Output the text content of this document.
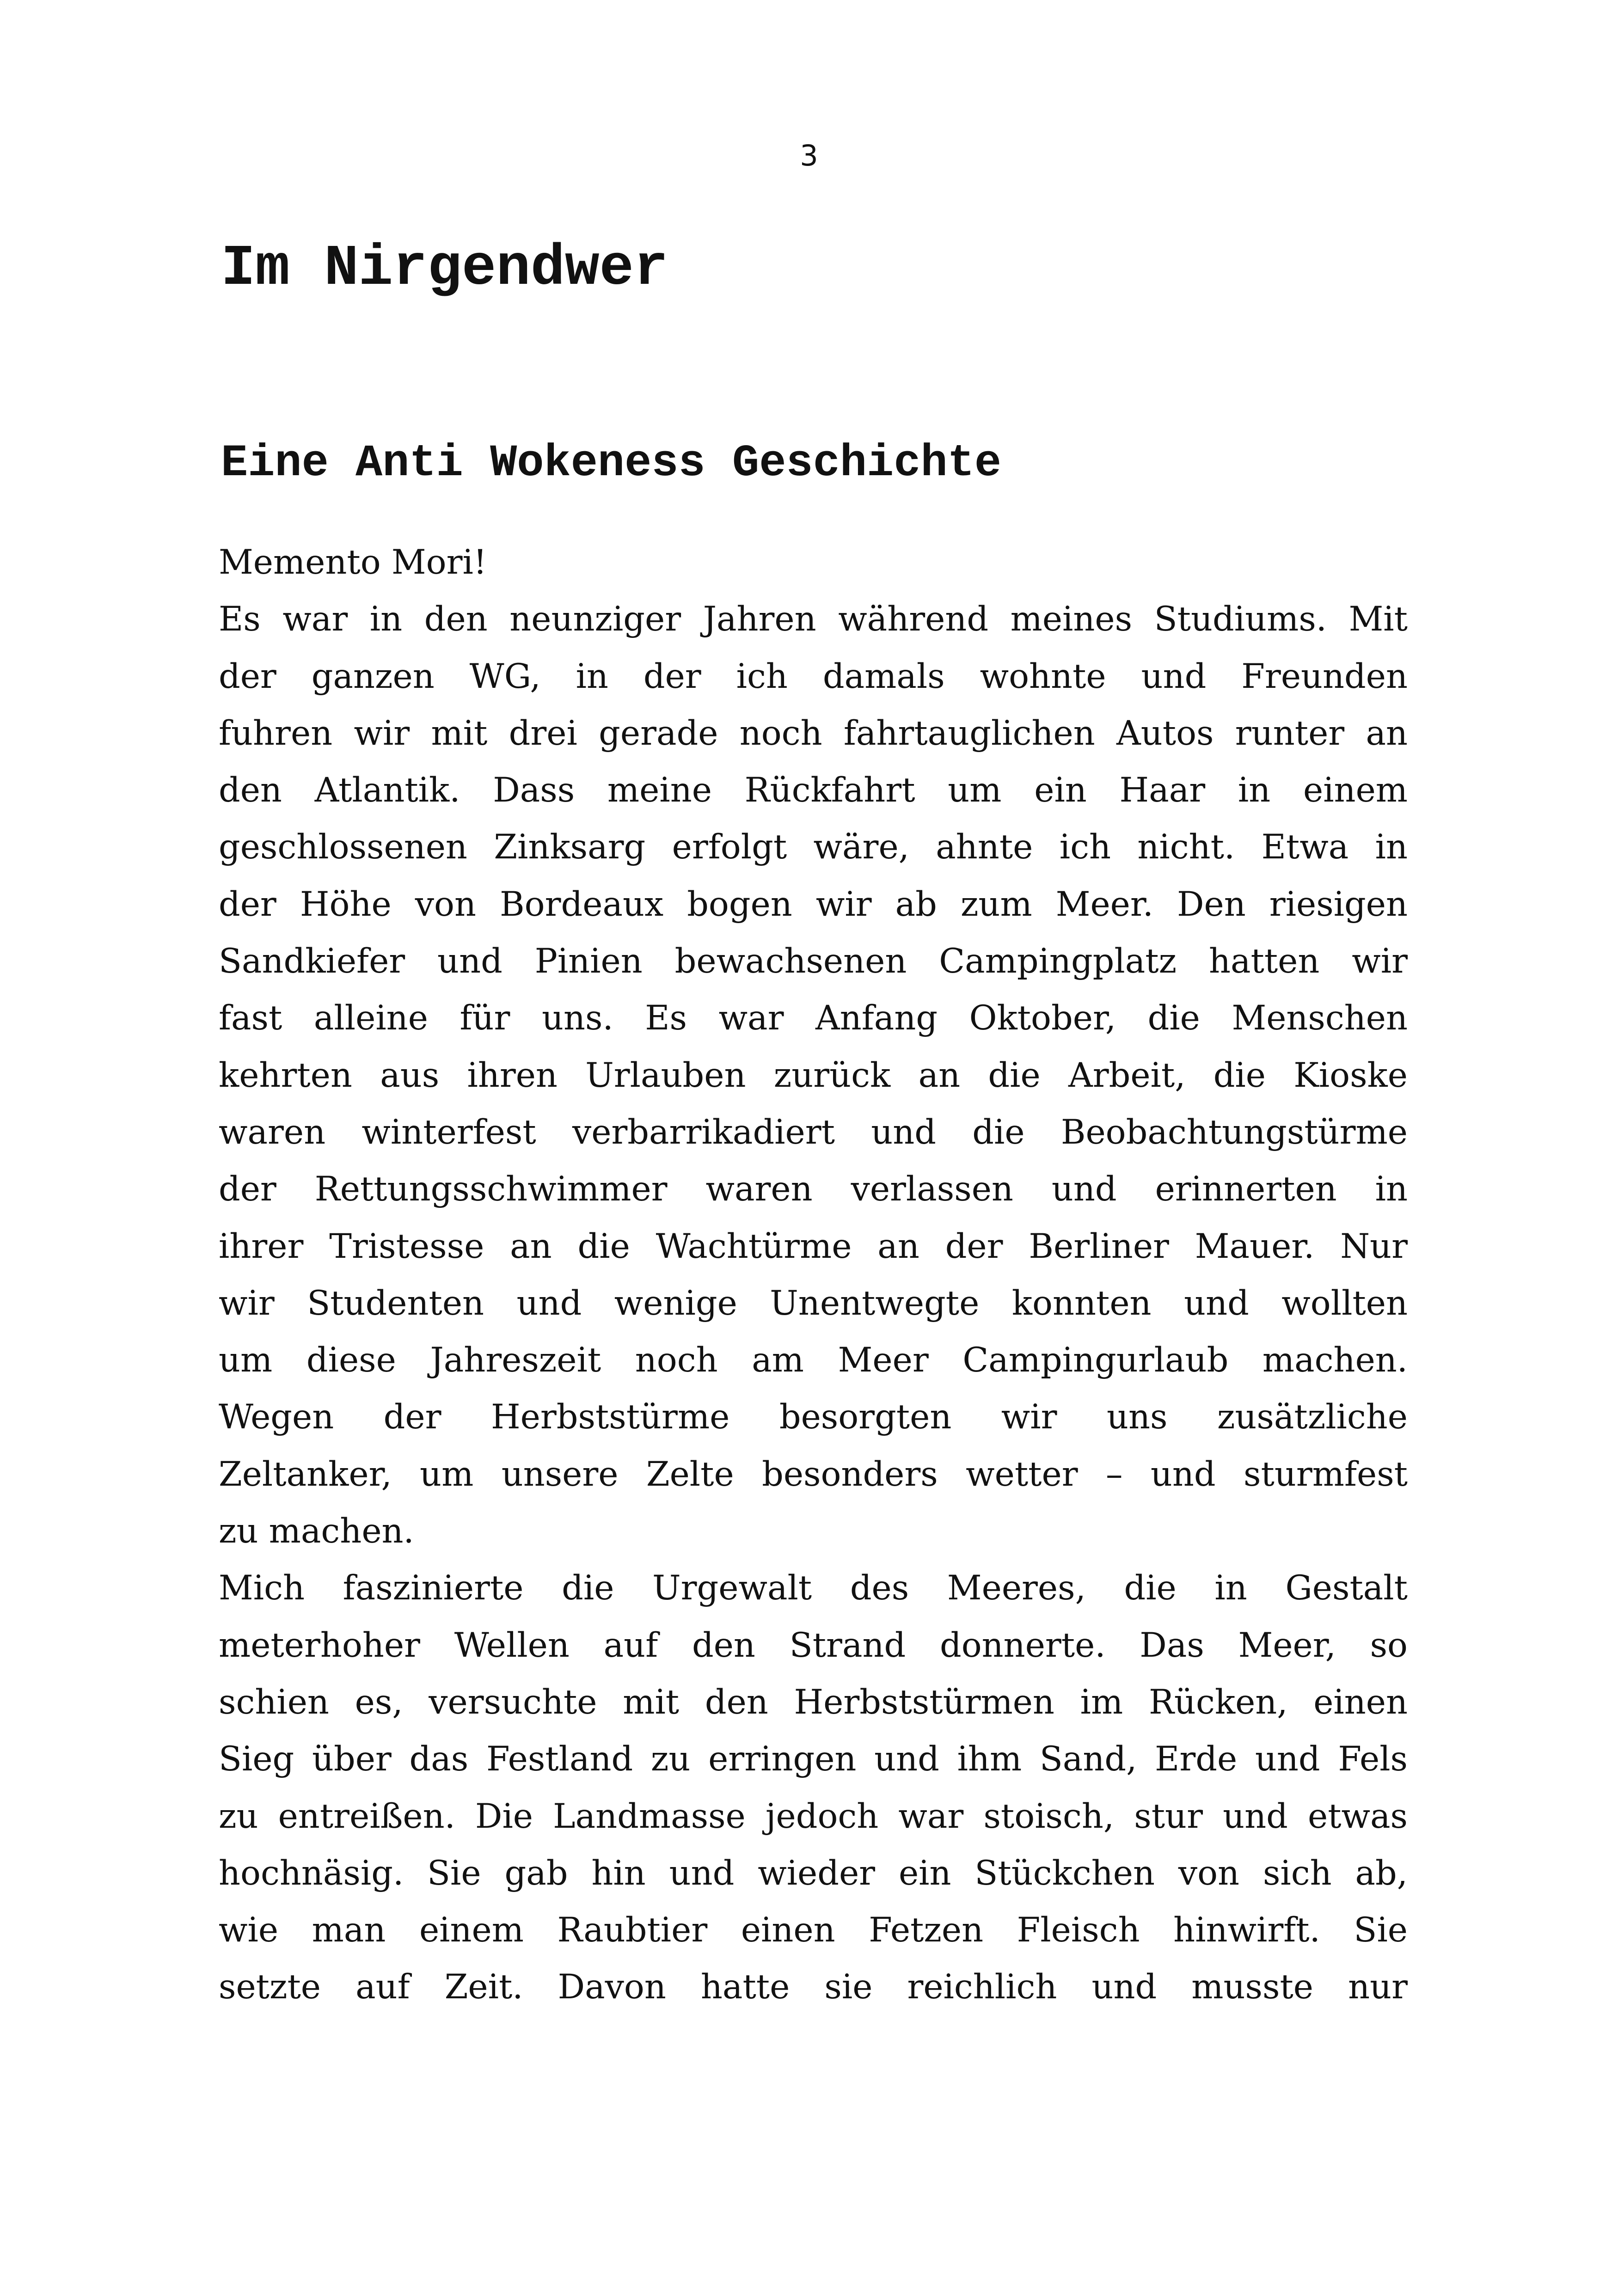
3
Im Nirgendwer
Eine Anti Wokeness Geschichte
Memento Mori!
Es war in den neunziger Jahren während meines Studiums. Mit
der ganzen WG, in der ich damals wohnte und Freunden
fuhren wir mit drei gerade noch fahrtauglichen Autos runter an
den Atlantik. Dass meine Rückfahrt um ein Haar in einem
geschlossenen Zinksarg erfolgt wäre, ahnte ich nicht. Etwa in
der Höhe von Bordeaux bogen wir ab zum Meer. Den riesigen
Sandkiefer und Pinien bewachsenen Campingplatz hatten wir
fast alleine für uns. Es war Anfang Oktober, die Menschen
kehrten aus ihren Urlauben zurück an die Arbeit, die Kioske
waren winterfest verbarrikadiert und die Beobachtungstürme
der Rettungsschwimmer waren verlassen und erinnerten in
ihrer Tristesse an die Wachtürme an der Berliner Mauer. Nur
wir Studenten und wenige Unentwegte konnten und wollten
um diese Jahreszeit noch am Meer Campingurlaub machen.
Wegen der Herbststürme besorgten wir uns zusätzliche
Zeltanker, um unsere Zelte besonders wetter – und sturmfest
zu machen.
Mich faszinierte die Urgewalt des Meeres, die in Gestalt
meterhoher Wellen auf den Strand donnerte. Das Meer, so
schien es, versuchte mit den Herbststürmen im Rücken, einen
Sieg über das Festland zu erringen und ihm Sand, Erde und Fels
zu entreißen. Die Landmasse jedoch war stoisch, stur und etwas
hochnäsig. Sie gab hin und wieder ein Stückchen von sich ab,
wie man einem Raubtier einen Fetzen Fleisch hinwirft. Sie
setzte auf Zeit. Davon hatte sie reichlich und musste nur
